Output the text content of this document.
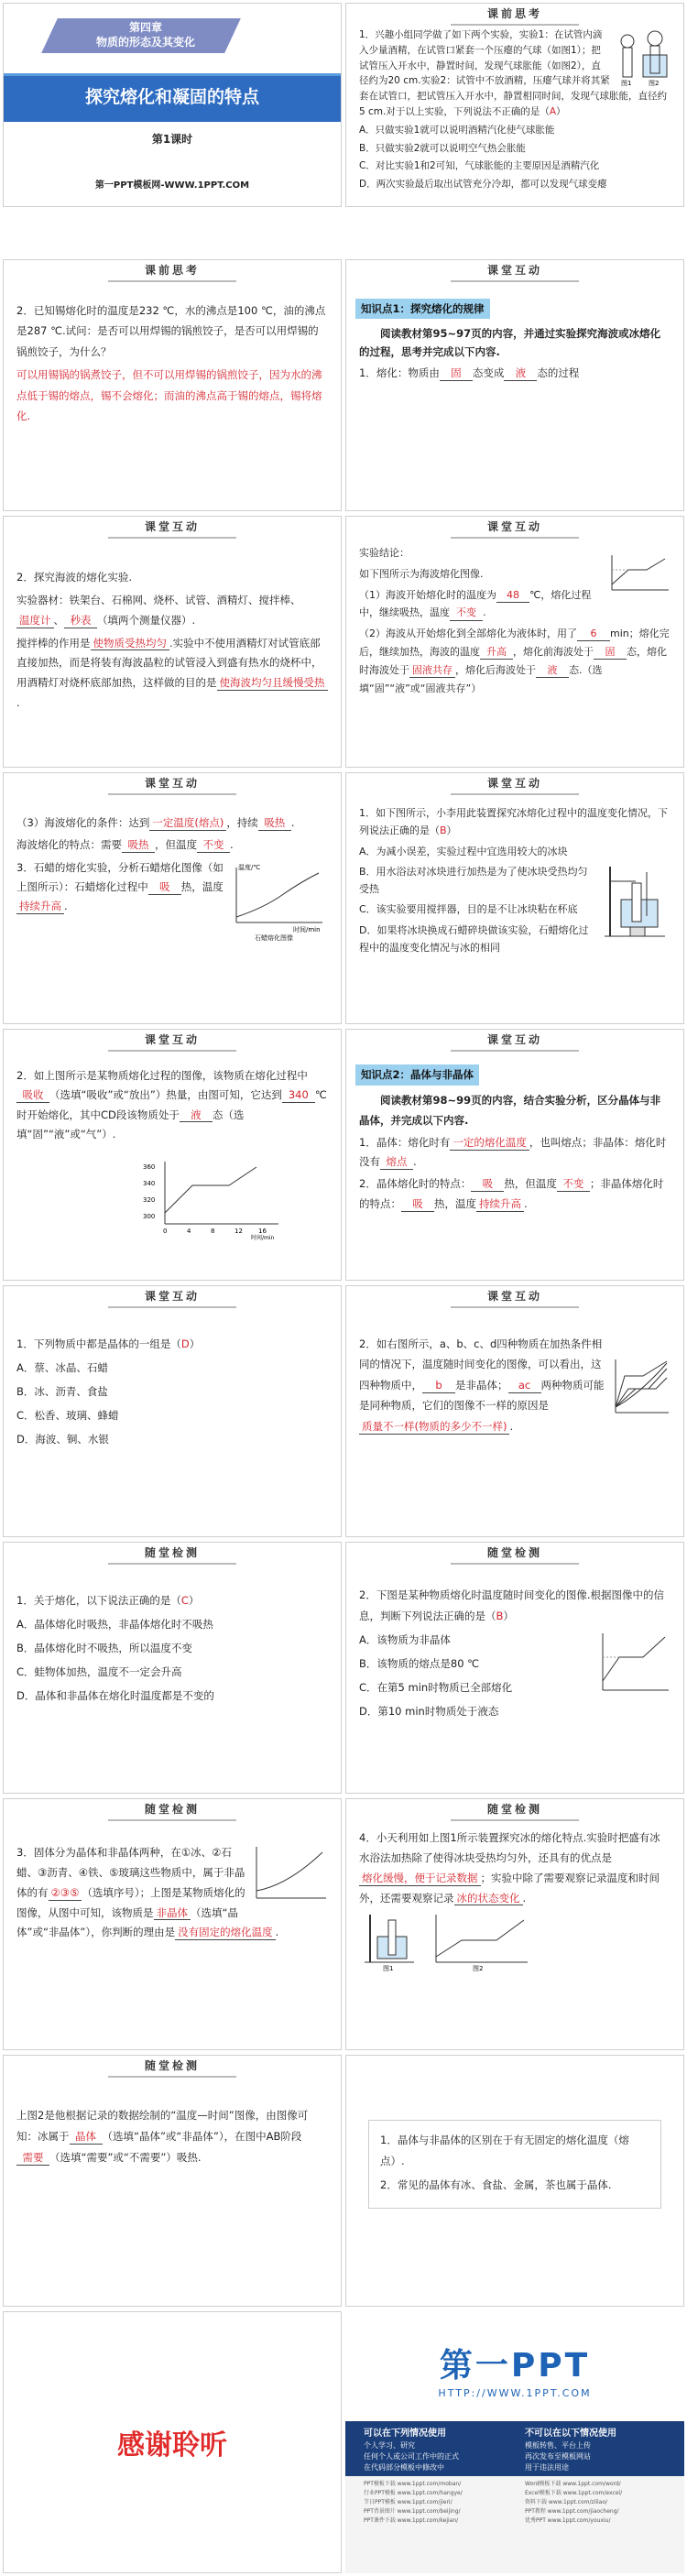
第四章
物质的形态及其变化
探究熔化和凝固的特点
第1课时
第一PPT模板网-WWW.1PPT.COM
课前思考
图1	图2

1．兴趣小组同学做了如下两个实验，实验1：在试管内滴入少量酒精，在试管口紧套一个压瘪的气球（如图1）；把试管压入开水中，静置时间，发现气球胀能（如图2），直径约为20 cm.实验2：试管中不放酒精，压瘪气球并将其紧套在试管口，把试管压入开水中，静置相同时间，发现气球胀能，直径约5 cm.对于以上实验，下列说法不正确的是（A）

A．只做实验1就可以说明酒精汽化使气球胀能

B．只做实验2就可以说明空气热会胀能

C．对比实验1和2可知，气球胀能的主要原因是酒精汽化

D．两次实验最后取出试管充分冷却，都可以发现气球变瘪

课前思考

2．已知锡熔化时的温度是232 ℃，水的沸点是100 ℃，油的沸点是287 ℃.试问：是否可以用焊锡的锅煎饺子，是否可以用焊锡的锅煎饺子，为什么？

可以用锡锅的锅煮饺子，但不可以用焊锡的锅煎饺子，因为水的沸点低于锡的熔点，锡不会熔化；而油的沸点高于锡的熔点，锡将熔化.

课堂互动
知识点1：探究熔化的规律

阅读教材第95~97页的内容，并通过实验探究海波或冰熔化的过程，思考并完成以下内容.

1．熔化：物质由 固 态变成 液 态的过程

课堂互动

2．探究海波的熔化实验.

实验器材：铁架台、石棉网、烧杯、试管、酒精灯、搅拌棒、温度计 、 秒表 （填两个测量仪器）.

搅拌棒的作用是 使物质受热均匀 .实验中不使用酒精灯对试管底部直接加热，而是将装有海波晶粒的试管浸入到盛有热水的烧杯中，用酒精灯对烧杯底部加热，这样做的目的是 使海波均匀且缓慢受热.

课堂互动

实验结论：

如下图所示为海波熔化图像.

（1）海波开始熔化时的温度为 48 ℃，熔化过程中，继续吸热，温度 不变 .

（2）海波从开始熔化到全部熔化为液体时，用了 6 min；熔化完后，继续加热，海波的温度 升高 ，熔化前海波处于 固 态，熔化时海波处于 固液共存 ，熔化后海波处于 液 态.（选填“固”“液”或“固液共存”）

课堂互动

（3）海波熔化的条件：达到 一定温度(熔点) ，持续 吸热 .

海波熔化的特点：需要 吸热 ，但温度 不变 .

温度/℃
时间/min
石蜡熔化图像

3．石蜡的熔化实验，分析石蜡熔化图像（如上图所示）：石蜡熔化过程中 吸 热，温度持续升高 .

课堂互动

1．如下图所示，小李用此装置探究冰熔化过程中的温度变化情况，下列说法正确的是（B）

A．为减小误差，实验过程中宜选用较大的冰块

B．用水浴法对冰块进行加热是为了使冰块受热均匀受热

C．该实验要用搅拌器，目的是不让冰块粘在杯底

D．如果将冰块换成石蜡碎块做该实验，石蜡熔化过程中的温度变化情况与冰的相同

课堂互动

2．如上图所示是某物质熔化过程的图像，该物质在熔化过程中吸收 （选填“吸收”或“放出”）热量，由图可知，它达到 340 ℃时开始熔化，其中CD段该物质处于 液 态（选填“固”“液”或“气”）.

360
340
320
300
0	4	8	12 16
时间/min
课堂互动
知识点2：晶体与非晶体

阅读教材第98~99页的内容，结合实验分析，区分晶体与非晶体，并完成以下内容.

1．晶体：熔化时有 一定的熔化温度 ，也叫熔点；非晶体：熔化时没有 熔点 .

2．晶体熔化时的特点： 吸 热，但温度 不变 ；非晶体熔化时的特点： 吸 热，温度 持续升高 .

课堂互动

1．下列物质中都是晶体的一组是（D）

A．蔡、冰晶、石蜡

B．冰、沥青、食盐

C．松香、玻璃、蜂蜡

D．海波、铜、水银

课堂互动

2．如右图所示，a、b、c、d四种物质在加热条件相同的情况下，温度随时间变化的图像，可以看出，这四种物质中， b 是非晶体； ac 两种物质可能是同种物质，它们的图像不一样的原因是质量不一样(物质的多少不一样) .

随堂检测

1．关于熔化，以下说法正确的是（C）

A．晶体熔化时吸热，非晶体熔化时不吸热

B．晶体熔化时不吸热，所以温度不变

C．蛙物体加热，温度不一定会升高

D．晶体和非晶体在熔化时温度都是不变的

随堂检测

2．下图是某种物质熔化时温度随时间变化的图像.根据图像中的信息，判断下列说法正确的是（B）

A．该物质为非晶体

B．该物质的熔点是80 ℃

C．在第5 min时物质已全部熔化

D．第10 min时物质处于液态

随堂检测

3．固体分为晶体和非晶体两种，在①冰、②石蜡、③沥青、④铁、⑤玻璃这些物质中，属于非晶体的有 ②③⑤ （选填序号）；上图是某物质熔化的图像，从图中可知，该物质是 非晶体 （选填“晶体”或“非晶体”），你判断的理由是 没有固定的熔化温度 .

随堂检测

4．小天利用如上图1所示装置探究冰的熔化特点.实验时把盛有冰水浴法加热除了使得冰块受热均匀外，还具有的优点是熔化缓慢，便于记录数据 ；实验中除了需要观察记录温度和时间外，还需要观察记录 冰的状态变化 .

图1	图2
随堂检测

上图2是他根据记录的数据绘制的“温度—时间”图像，由图像可知：冰属于 晶体 （选填“晶体”或“非晶体”），在图中AB阶段需要 （选填“需要”或“不需要”）吸热.

1．晶体与非晶体的区别在于有无固定的熔化温度（熔点）.

2．常见的晶体有冰、食盐、金属，茶也属于晶体.

感谢聆听
第一PPT
HTTP://WWW.1PPT.COM
可以在下列情况使用
个人学习、研究
任何个人或公司工作中的正式
在代码部分模板中修改中
不可以在以下情况使用
模板转售、平台上传
再次发布至模板网站
用于违法用途
PPT模板下载 www.1ppt.com/moban/
行业PPT模板 www.1ppt.com/hangye/
节日PPT模板 www.1ppt.com/jieri/
PPT背景图片 www.1ppt.com/beijing/
PPT课件下载 www.1ppt.com/kejian/
Word模板下载 www.1ppt.com/word/
Excel模板下载 www.1ppt.com/excel/
资料下载 www.1ppt.com/ziliao/
PPT教程 www.1ppt.com/jiaocheng/
优秀PPT www.1ppt.com/youxiu/
